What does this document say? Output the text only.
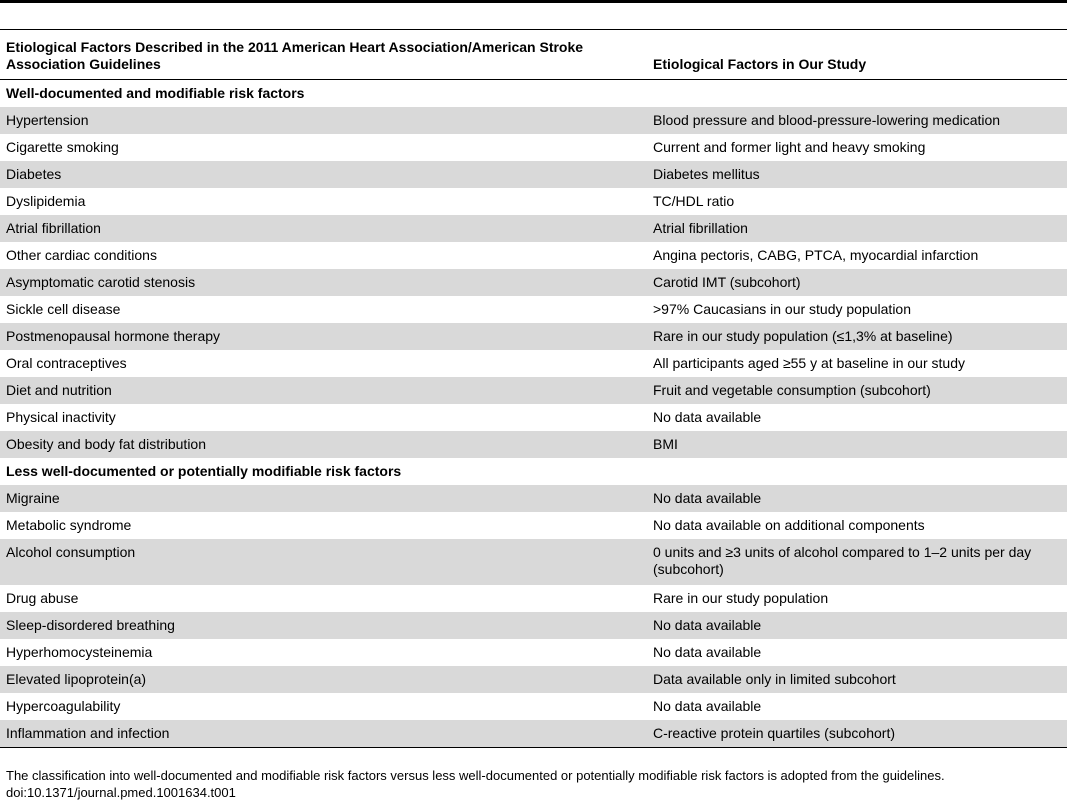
Etiological Factors Described in the 2011 American Heart Association/American Stroke Association Guidelines	Etiological Factors in Our Study
Well-documented and modifiable risk factors	
Hypertension	Blood pressure and blood-pressure-lowering medication
Cigarette smoking	Current and former light and heavy smoking
Diabetes	Diabetes mellitus
Dyslipidemia	TC/HDL ratio
Atrial fibrillation	Atrial fibrillation
Other cardiac conditions	Angina pectoris, CABG, PTCA, myocardial infarction
Asymptomatic carotid stenosis	Carotid IMT (subcohort)
Sickle cell disease	>97% Caucasians in our study population
Postmenopausal hormone therapy	Rare in our study population (≤1,3% at baseline)
Oral contraceptives	All participants aged ≥55 y at baseline in our study
Diet and nutrition	Fruit and vegetable consumption (subcohort)
Physical inactivity	No data available
Obesity and body fat distribution	BMI
Less well-documented or potentially modifiable risk factors	
Migraine	No data available
Metabolic syndrome	No data available on additional components
Alcohol consumption	0 units and ≥3 units of alcohol compared to 1–2 units per day (subcohort)
Drug abuse	Rare in our study population
Sleep-disordered breathing	No data available
Hyperhomocysteinemia	No data available
Elevated lipoprotein(a)	Data available only in limited subcohort
Hypercoagulability	No data available
Inflammation and infection	C-reactive protein quartiles (subcohort)
The classification into well-documented and modifiable risk factors versus less well-documented or potentially modifiable risk factors is adopted from the guidelines.
doi:10.1371/journal.pmed.1001634.t001
